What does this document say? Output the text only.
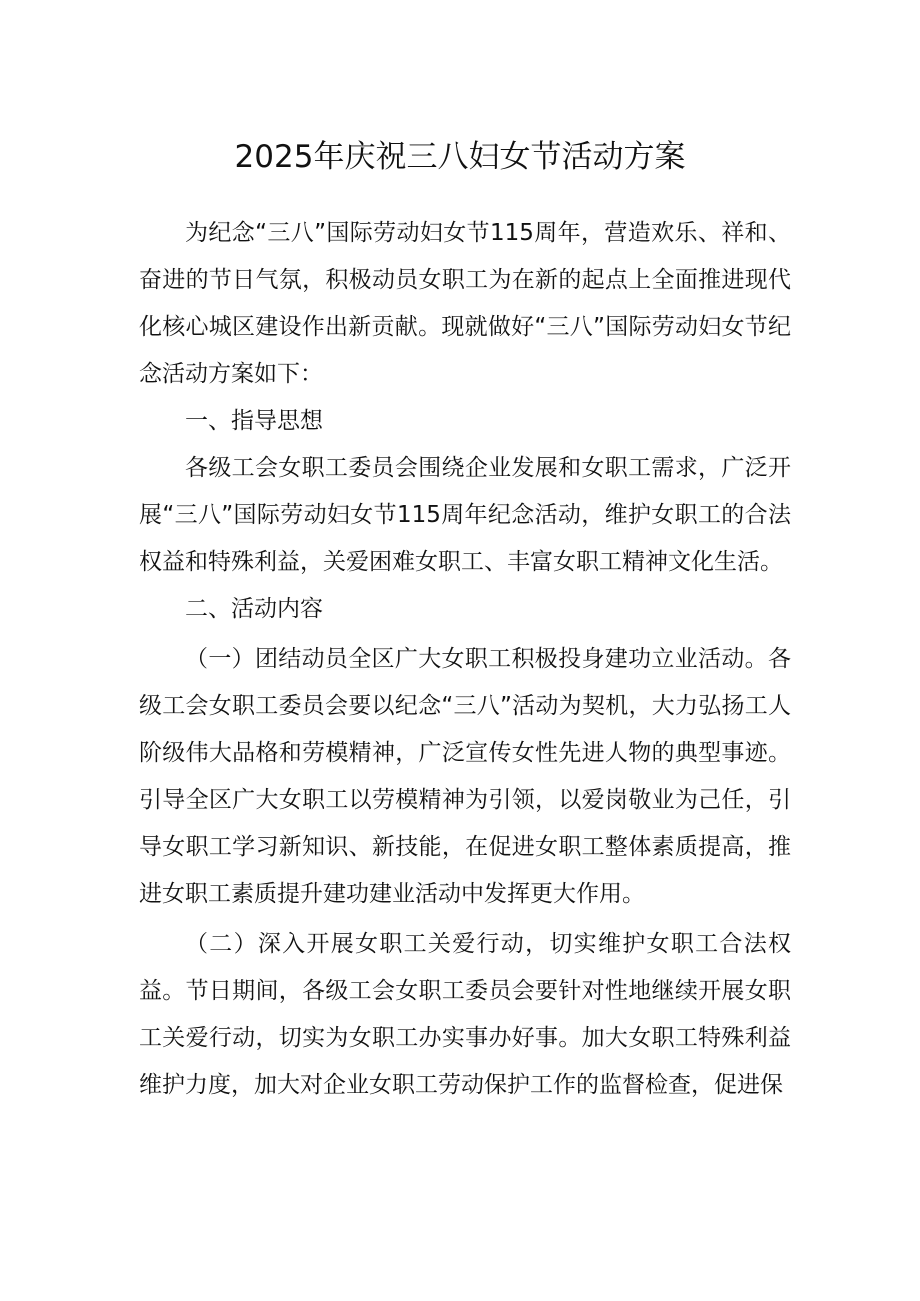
2025年庆祝三八妇女节活动方案

为纪念“三八”国际劳动妇女节115周年，营造欢乐、祥和、奋进的节日气氛，积极动员女职工为在新的起点上全面推进现代化核心城区建设作出新贡献。现就做好“三八”国际劳动妇女节纪念活动方案如下：

一、指导思想

各级工会女职工委员会围绕企业发展和女职工需求，广泛开展“三八”国际劳动妇女节115周年纪念活动，维护女职工的合法权益和特殊利益，关爱困难女职工、丰富女职工精神文化生活。

二、活动内容

（一）团结动员全区广大女职工积极投身建功立业活动。各级工会女职工委员会要以纪念“三八”活动为契机，大力弘扬工人阶级伟大品格和劳模精神，广泛宣传女性先进人物的典型事迹。引导全区广大女职工以劳模精神为引领，以爱岗敬业为己任，引导女职工学习新知识、新技能，在促进女职工整体素质提高，推进女职工素质提升建功建业活动中发挥更大作用。

（二）深入开展女职工关爱行动，切实维护女职工合法权益。节日期间，各级工会女职工委员会要针对性地继续开展女职工关爱行动，切实为女职工办实事办好事。加大女职工特殊利益维护力度，加大对企业女职工劳动保护工作的监督检查，促进保
